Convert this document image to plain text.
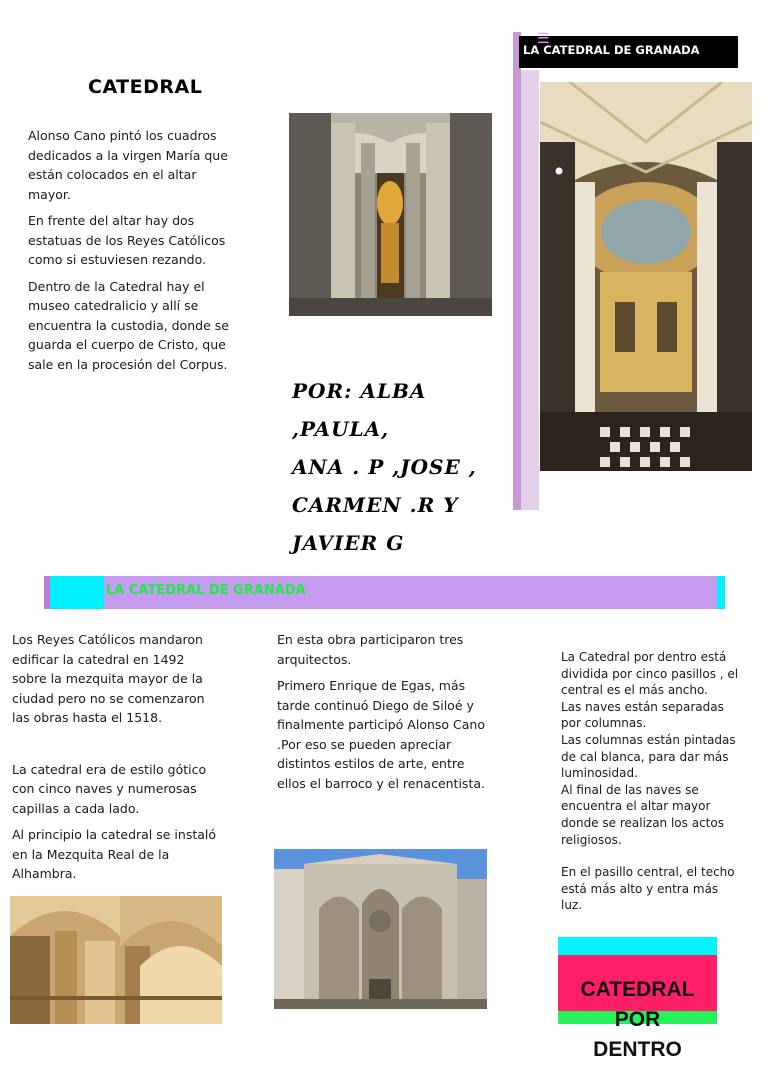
CATEDRAL

Alonso Cano pintó los cuadros dedicados a la virgen María que están colocados en el altar mayor.

En frente del altar hay dos estatuas de los Reyes Católicos como si estuviesen rezando.

Dentro de la Catedral hay el museo catedralicio y allí se encuentra la custodia, donde se guarda el cuerpo de Cristo, que sale en la procesión del Corpus.

POR: ALBA ,PAULA,
ANA . P ,JOSE ,
CARMEN .R Y
JAVIER G
LA CATEDRAL DE GRANADA
☰
LA CATEDRAL DE GRANADA

Los Reyes Católicos mandaron edificar la catedral en 1492 sobre la mezquita mayor de la ciudad pero no se comenzaron las obras hasta el 1518.

La catedral era de estilo gótico con cinco naves y numerosas capillas a cada lado.

Al principio la catedral se instaló en la Mezquita Real de la Alhambra.

En esta obra participaron tres arquitectos.

Primero Enrique de Egas, más tarde continuó Diego de Siloé y finalmente participó Alonso Cano .Por eso se pueden apreciar distintos estilos de arte, entre ellos el barroco y el renacentista.

La Catedral por dentro está dividida por cinco pasillos , el central es el más ancho.

Las naves están separadas por columnas.

Las columnas están pintadas de cal blanca, para dar más luminosidad.

Al final de las naves se encuentra el altar mayor donde se realizan los actos religiosos.

En el pasillo central, el techo está más alto y entra más luz.

CATEDRAL POR
DENTRO
